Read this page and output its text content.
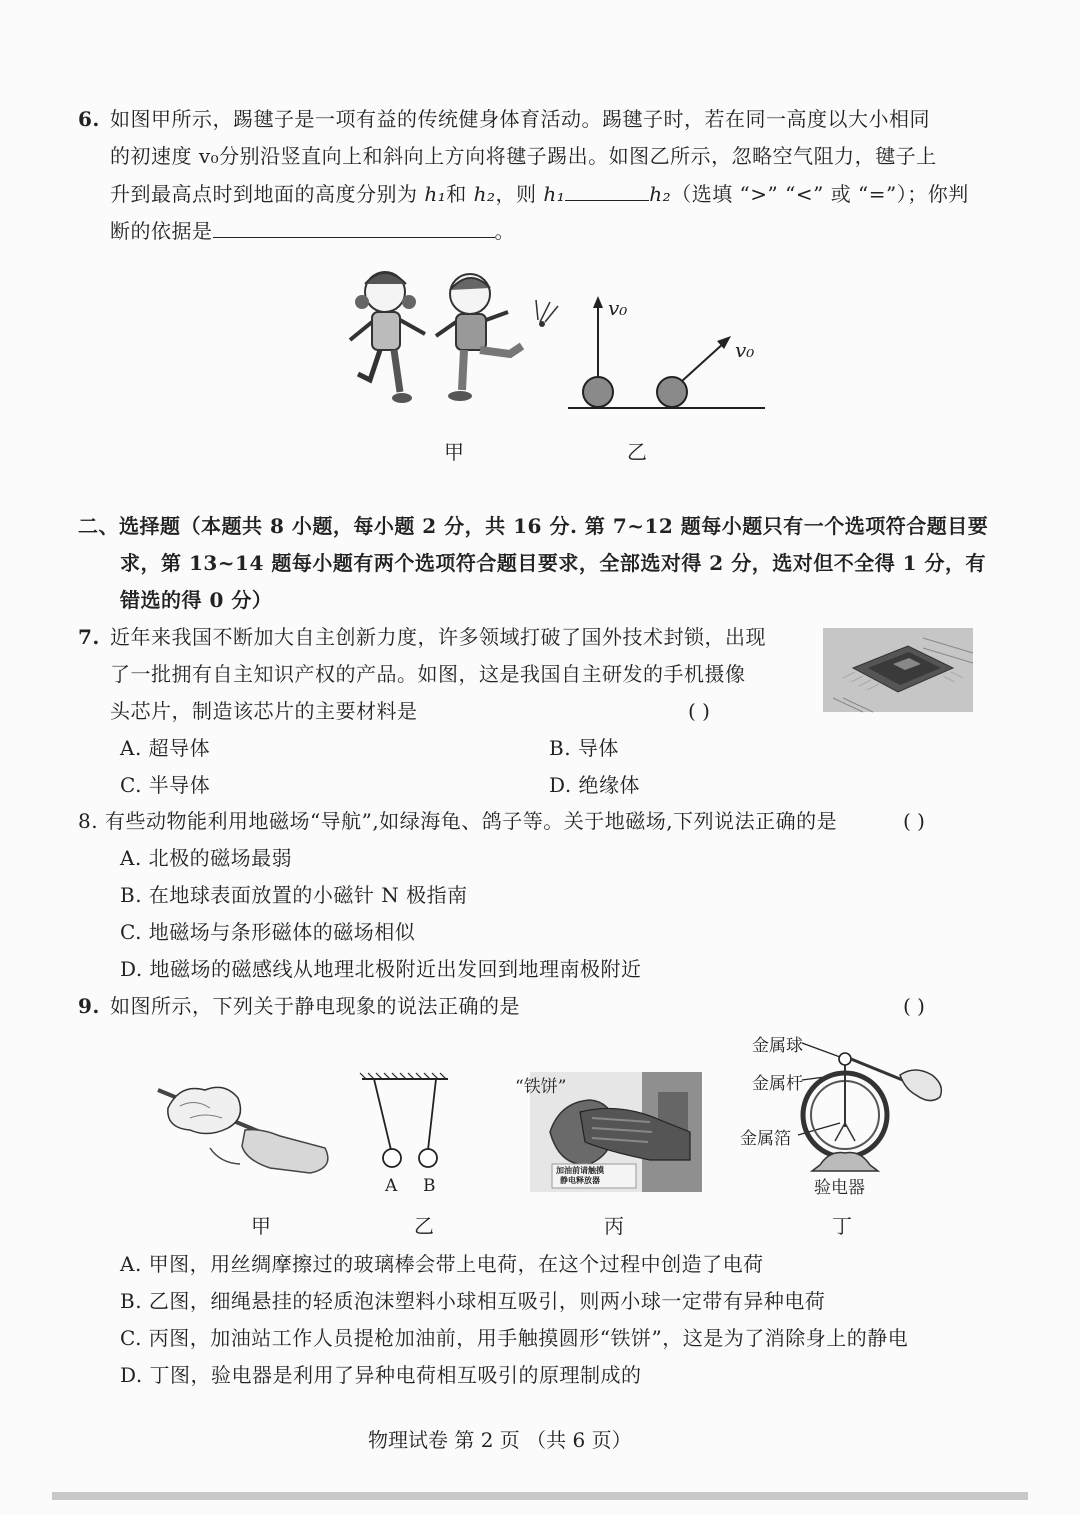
6. 如图甲所示，踢毽子是一项有益的传统健身体育活动。踢毽子时，若在同一高度以大小相同
的初速度 v₀分别沿竖直向上和斜向上方向将毽子踢出。如图乙所示，忽略空气阻力，毽子上
升到最高点时到地面的高度分别为 h₁和 h₂，则 h₁	h₂（选填 “>” “<” 或 “=”）；你判
断的依据是	。
v₀
v₀
甲	乙
二、选择题（本题共 8 小题，每小题 2 分，共 16 分. 第 7~12 题每小题只有一个选项符合题目要
求，第 13~14 题每小题有两个选项符合题目要求，全部选对得 2 分，选对但不全得 1 分，有
错选的得 0 分）
7. 近年来我国不断加大自主创新力度，许多领域打破了国外技术封锁，出现
了一批拥有自主知识产权的产品。如图，这是我国自主研发的手机摄像
头芯片，制造该芯片的主要材料是	( )
A. 超导体	B. 导体
C. 半导体	D. 绝缘体
8. 有些动物能利用地磁场“导航”,如绿海龟、鸽子等。关于地磁场,下列说法正确的是	( )
A. 北极的磁场最弱
B. 在地球表面放置的小磁针 N 极指南
C. 地磁场与条形磁体的磁场相似
D. 地磁场的磁感线从地理北极附近出发回到地理南极附近
9. 如图所示，下列关于静电现象的说法正确的是	( )
A B
“铁饼”
加油前请触摸
静电释放器
金属球
金属杆
金属箔
验电器
甲	乙	丙	丁
A. 甲图，用丝绸摩擦过的玻璃棒会带上电荷，在这个过程中创造了电荷
B. 乙图，细绳悬挂的轻质泡沫塑料小球相互吸引，则两小球一定带有异种电荷
C. 丙图，加油站工作人员提枪加油前，用手触摸圆形“铁饼”，这是为了消除身上的静电
D. 丁图，验电器是利用了异种电荷相互吸引的原理制成的
物理试卷 第 2 页 （共 6 页）
